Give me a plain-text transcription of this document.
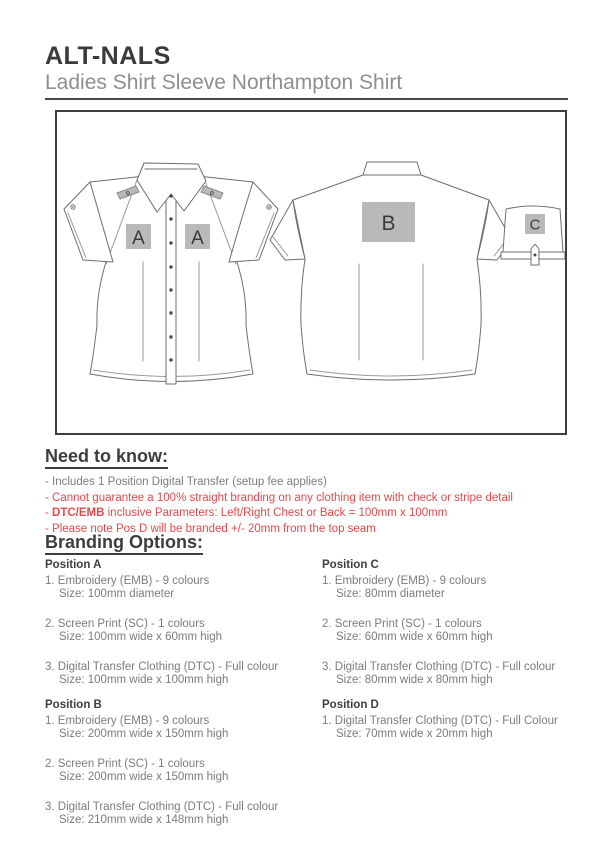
ALT-NALS
Ladies Shirt Sleeve Northampton Shirt
D	D
A A
B	C
Need to know:
- Includes 1 Position Digital Transfer (setup fee applies)
- Cannot guarantee a 100% straight branding on any clothing item with check or stripe detail
- DTC/EMB inclusive Parameters: Left/Right Chest or Back = 100mm x 100mm
- Please note Pos D will be branded +/- 20mm from the top seam
Branding Options:
Position A
1. Embroidery (EMB) - 9 colours
Size: 100mm diameter
2. Screen Print (SC) - 1 colours
Size: 100mm wide x 60mm high
3. Digital Transfer Clothing (DTC) - Full colour
Size: 100mm wide x 100mm high
Position B
1. Embroidery (EMB) - 9 colours
Size: 200mm wide x 150mm high
2. Screen Print (SC) - 1 colours
Size: 200mm wide x 150mm high
3. Digital Transfer Clothing (DTC) - Full colour
Size: 210mm wide x 148mm high
Position C
1. Embroidery (EMB) - 9 colours
Size: 80mm diameter
2. Screen Print (SC) - 1 colours
Size: 60mm wide x 60mm high
3. Digital Transfer Clothing (DTC) - Full colour
Size: 80mm wide x 80mm high
Position D
1. Digital Transfer Clothing (DTC) - Full Colour
Size: 70mm wide x 20mm high
